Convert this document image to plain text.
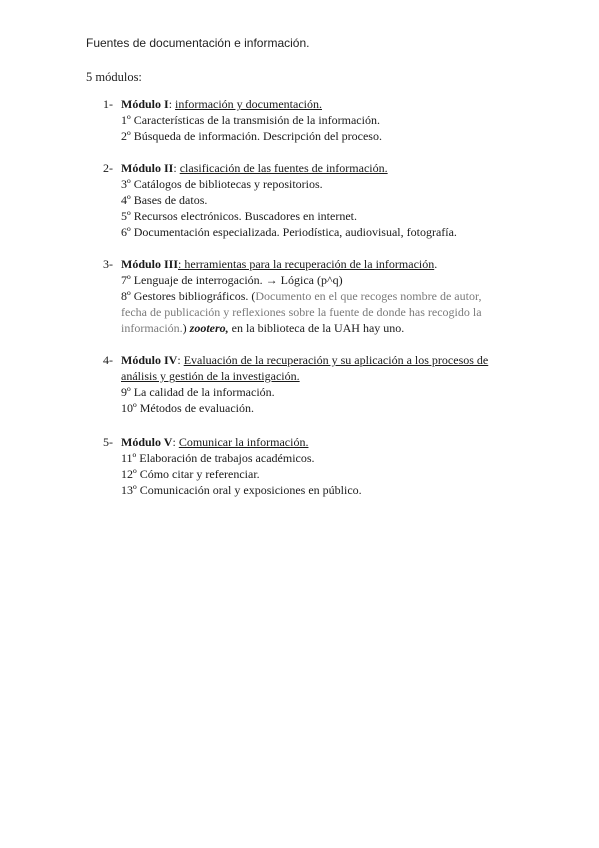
Fuentes de documentación e información.
5 módulos:
1- Módulo I: información y documentación.
1º Características de la transmisión de la información.
2º Búsqueda de información. Descripción del proceso.
2- Módulo II: clasificación de las fuentes de información.
3º Catálogos de bibliotecas y repositorios.
4º Bases de datos.
5º Recursos electrónicos. Buscadores en internet.
6º Documentación especializada. Periodística, audiovisual, fotografía.
3- Módulo III: herramientas para la recuperación de la información.
7º Lenguaje de interrogación. → Lógica (p^q)
8º Gestores bibliográficos. (Documento en el que recoges nombre de autor, fecha de publicación y reflexiones sobre la fuente de donde has recogido la información.) zootero, en la biblioteca de la UAH hay uno.
4- Módulo IV: Evaluación de la recuperación y su aplicación a los procesos de análisis y gestión de la investigación.
9º La calidad de la información.
10º Métodos de evaluación.
5- Módulo V: Comunicar la información.
11º Elaboración de trabajos académicos.
12º Cómo citar y referenciar.
13º Comunicación oral y exposiciones en público.
